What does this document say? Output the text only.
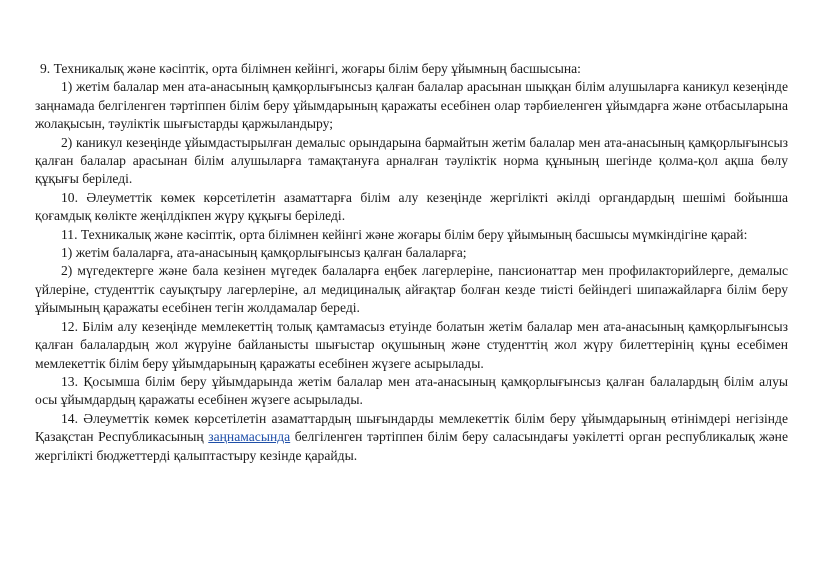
9. Техникалық және кәсіптік, орта білімнен кейінгі, жоғары білім беру ұйымның басшысына:

1) жетім балалар мен ата-анасының қамқорлығынсыз қалған балалар арасынан шыққан білім алушыларға каникул кезеңінде заңнамада белгіленген тәртіппен білім беру ұйымдарының қаражаты есебінен олар тәрбиеленген ұйымдарға және отбасыларына жолақысын, тәуліктік шығыстарды қаржыландыру;

2) каникул кезеңінде ұйымдастырылған демалыс орындарына бармайтын жетім балалар мен ата-анасының қамқорлығынсыз қалған балалар арасынан білім алушыларға тамақтануға арналған тәуліктік норма құнының шегінде қолма-қол ақша бөлу құқығы беріледі.

10. Әлеуметтік көмек көрсетілетін азаматтарға білім алу кезеңінде жергілікті әкілді органдардың шешімі бойынша қоғамдық көлікте жеңілдікпен жүру құқығы беріледі.

11. Техникалық және кәсіптік, орта білімнен кейінгі және жоғары білім беру ұйымының басшысы мүмкіндігіне қарай:

1) жетім балаларға, ата-анасының қамқорлығынсыз қалған балаларға;

2) мүгедектерге және бала кезінен мүгедек балаларға еңбек лагерлеріне, пансионаттар мен профилакторийлерге, демалыс үйлеріне, студенттік сауықтыру лагерлеріне, ал медициналық айғақтар болған кезде тиісті бейіндегі шипажайларға білім беру ұйымының қаражаты есебінен тегін жолдамалар береді.

12. Білім алу кезеңінде мемлекеттің толық қамтамасыз етуінде болатын жетім балалар мен ата-анасының қамқорлығынсыз қалған балалардың жол жүруіне байланысты шығыстар оқушының және студенттің жол жүру билеттерінің құны есебімен мемлекеттік білім беру ұйымдарының қаражаты есебінен жүзеге асырылады.

13. Қосымша білім беру ұйымдарында жетім балалар мен ата-анасының қамқорлығынсыз қалған балалардың білім алуы осы ұйымдардың қаражаты есебінен жүзеге асырылады.

14. Әлеуметтік көмек көрсетілетін азаматтардың шығындарды мемлекеттік білім беру ұйымдарының өтінімдері негізінде Қазақстан Республикасының заңнамасында белгіленген тәртіппен білім беру саласындағы уәкілетті орган республикалық және жергілікті бюджеттерді қалыптастыру кезінде қарайды.
